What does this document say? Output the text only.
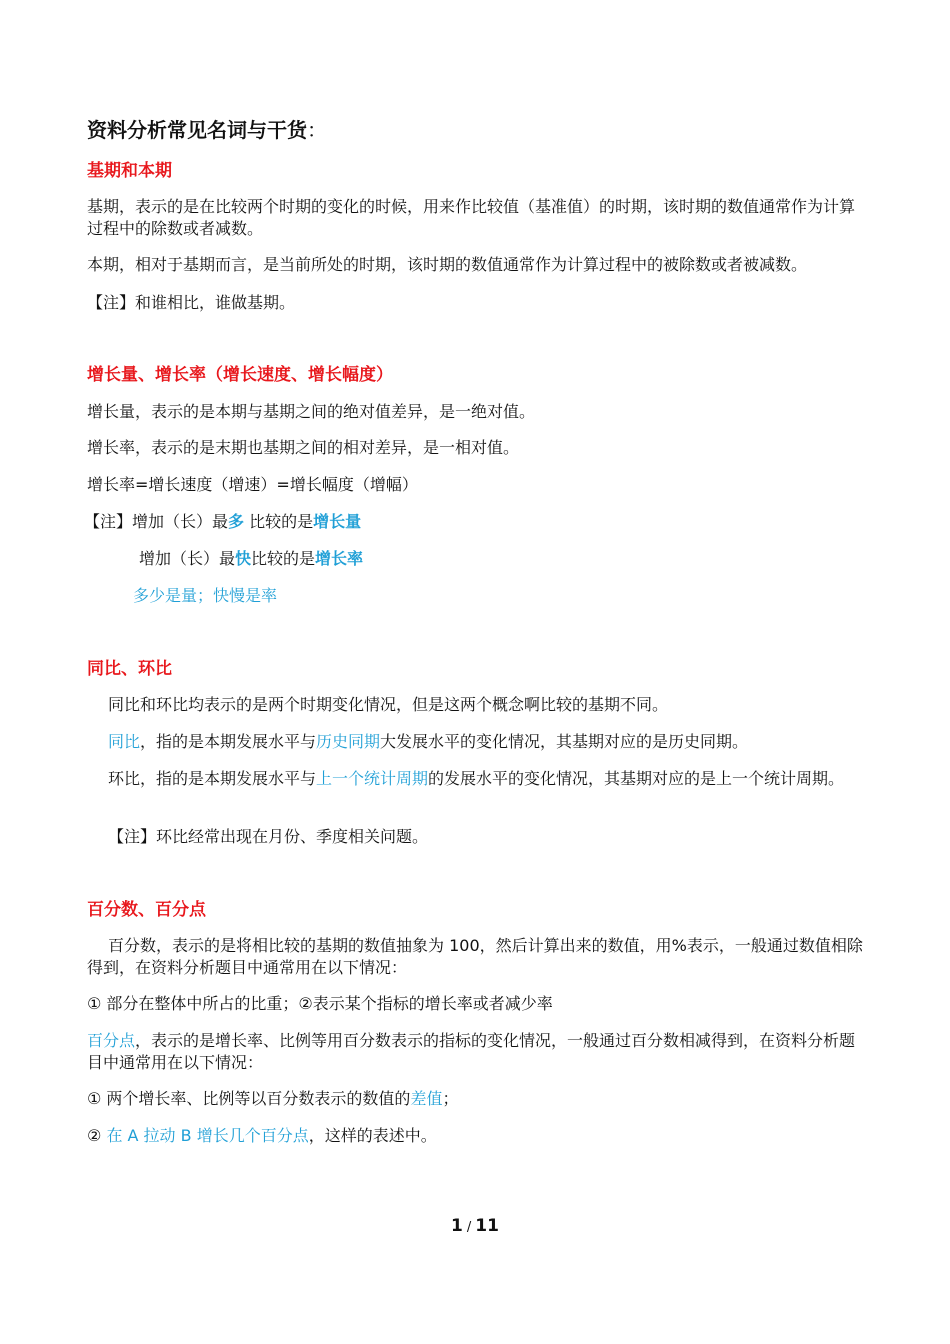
资料分析常见名词与干货：

基期和本期

基期，表示的是在比较两个时期的变化的时候，用来作比较值（基准值）的时期，该时期的数值通常作为计算过程中的除数或者减数。

本期，相对于基期而言，是当前所处的时期，该时期的数值通常作为计算过程中的被除数或者被减数。

【注】和谁相比，谁做基期。

增长量、增长率（增长速度、增长幅度）

增长量，表示的是本期与基期之间的绝对值差异，是一绝对值。

增长率，表示的是末期也基期之间的相对差异，是一相对值。

增长率=增长速度（增速）=增长幅度（增幅）

【注】增加（长）最多 比较的是增长量

增加（长）最快比较的是增长率

多少是量；快慢是率

同比、环比

同比和环比均表示的是两个时期变化情况，但是这两个概念啊比较的基期不同。

同比，指的是本期发展水平与历史同期大发展水平的变化情况，其基期对应的是历史同期。

环比，指的是本期发展水平与上一个统计周期的发展水平的变化情况，其基期对应的是上一个统计周期。

【注】环比经常出现在月份、季度相关问题。

百分数、百分点

百分数，表示的是将相比较的基期的数值抽象为 100，然后计算出来的数值，用%表示，一般通过数值相除得到，在资料分析题目中通常用在以下情况：

① 部分在整体中所占的比重；②表示某个指标的增长率或者减少率

百分点，表示的是增长率、比例等用百分数表示的指标的变化情况，一般通过百分数相减得到，在资料分析题目中通常用在以下情况：

① 两个增长率、比例等以百分数表示的数值的差值；

② 在 A 拉动 B 增长几个百分点，这样的表述中。

1 / 11
